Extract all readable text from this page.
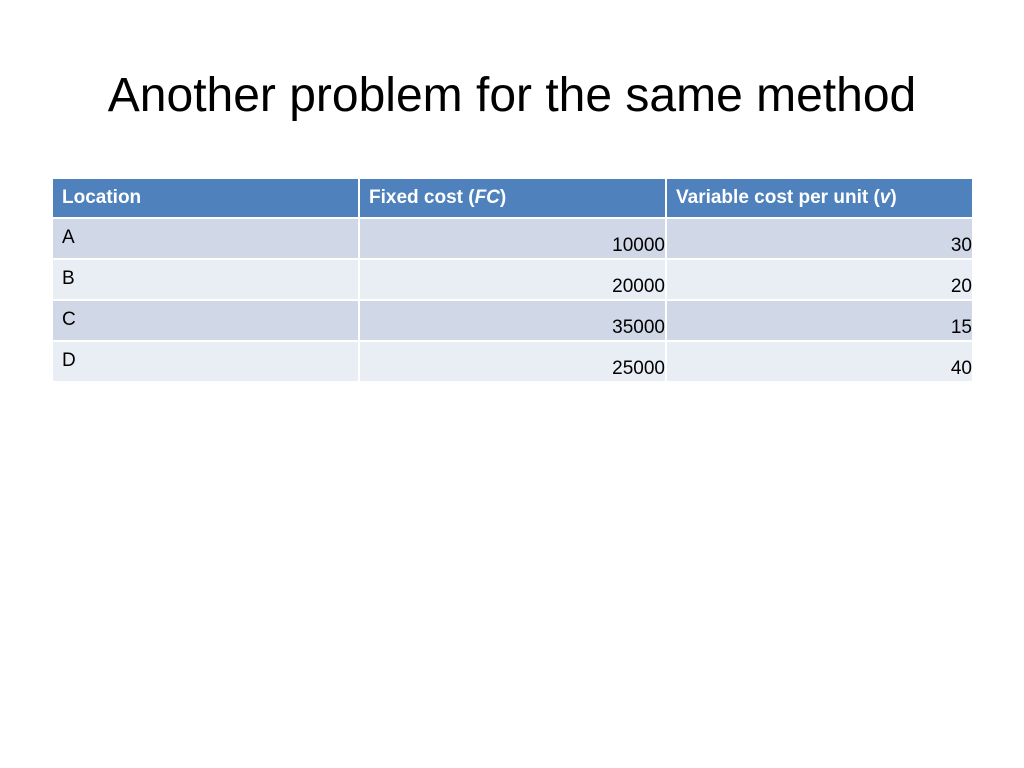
Another problem for the same method
Location	Fixed cost (FC)	Variable cost per unit (v)
A	10000	30
B	20000	20
C	35000	15
D	25000	40
